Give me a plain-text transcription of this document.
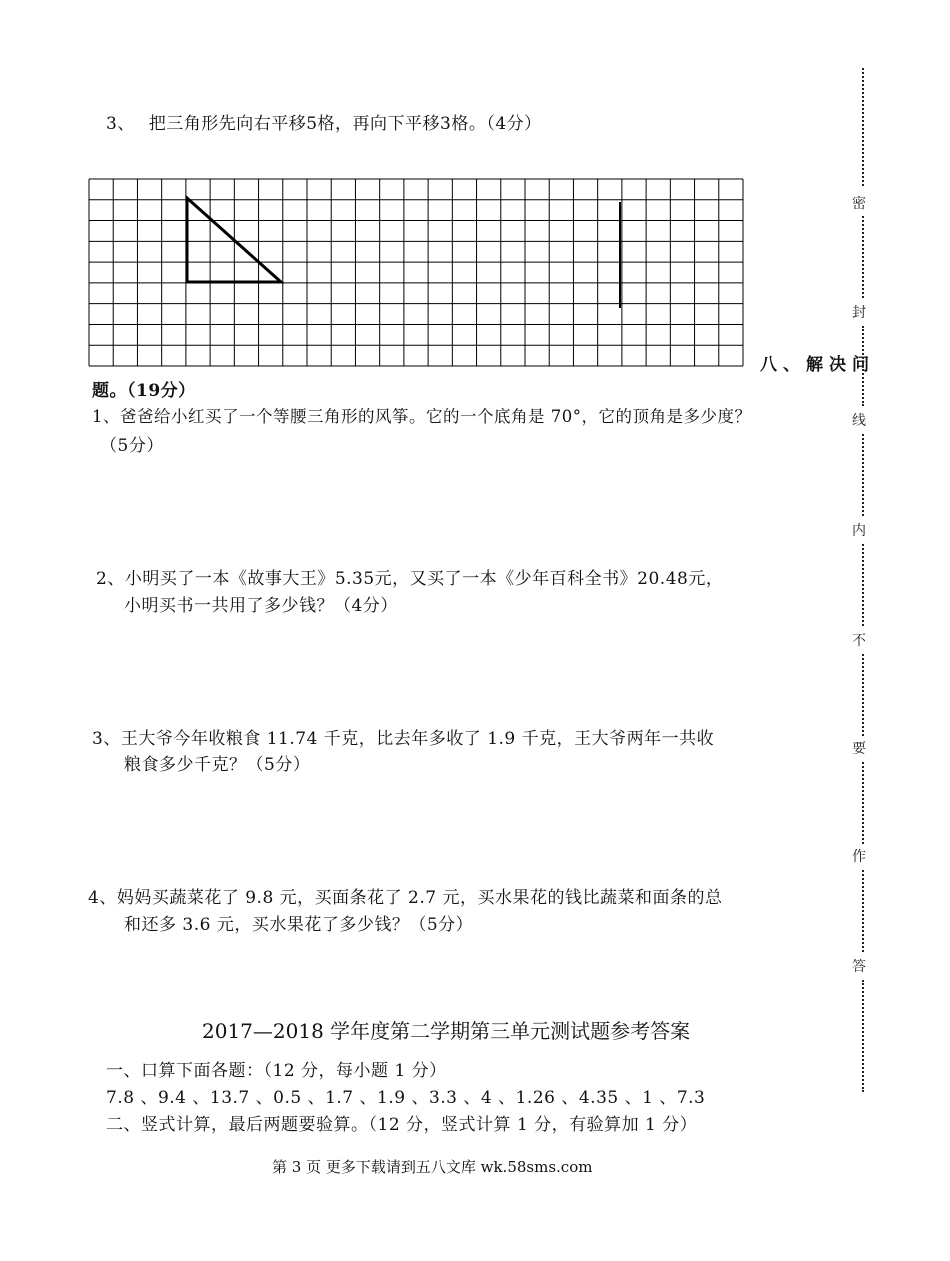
3、 把三角形先向右平移5格，再向下平移3格。（4分）
八、解决问
题。（19分）
1、爸爸给小红买了一个等腰三角形的风筝。它的一个底角是 70°，它的顶角是多少度？
（5分）
2、小明买了一本《故事大王》5.35元，又买了一本《少年百科全书》20.48元，
小明买书一共用了多少钱？（4分）
3、王大爷今年收粮食 11.74 千克，比去年多收了 1.9 千克，王大爷两年一共收
粮食多少千克？（5分）
4、妈妈买蔬菜花了 9.8 元，买面条花了 2.7 元，买水果花的钱比蔬菜和面条的总
和还多 3.6 元，买水果花了多少钱？（5分）
2017—2018 学年度第二学期第三单元测试题参考答案
一、口算下面各题：（12 分，每小题 1 分）
7.8 、9.4 、13.7 、0.5 、1.7 、1.9 、3.3 、4 、1.26 、4.35 、1 、7.3
二、竖式计算，最后两题要验算。（12 分，竖式计算 1 分，有验算加 1 分）
第 3 页 更多下载请到五八文库 wk.58sms.com
密
封
线
内
不
要
作
答
